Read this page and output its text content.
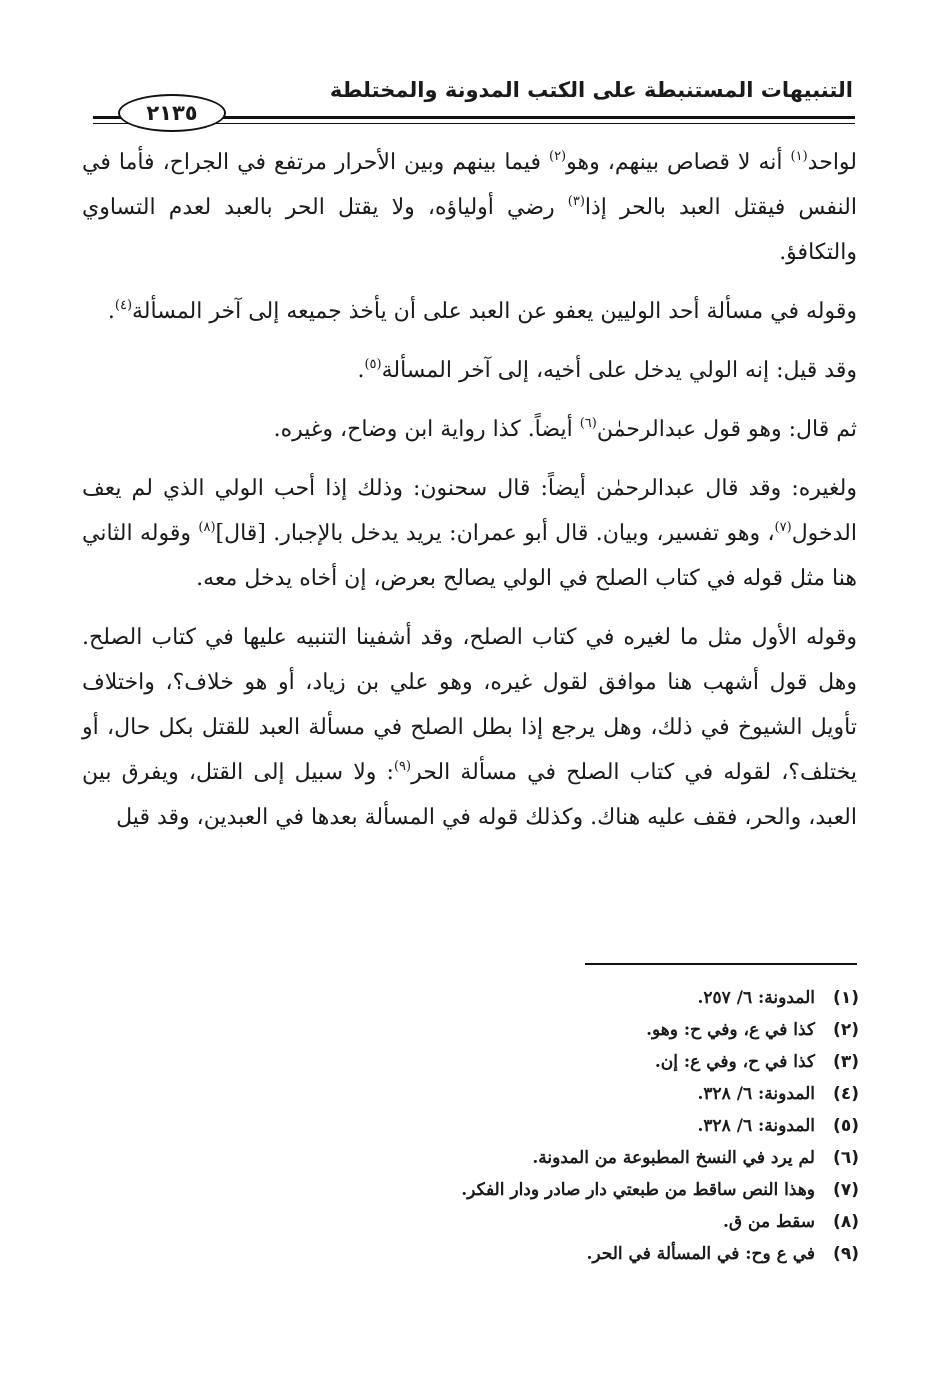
التنبيهات المستنبطة على الكتب المدونة والمختلطة
٢١٣٥

لواحد$^{(١)}$ أنه لا قصاص بينهم، وهو$^{(٢)}$ فيما بينهم وبين الأحرار مرتفع في الجراح، فأما في النفس فيقتل العبد بالحر إذا$^{(٣)}$ رضي أولياؤه، ولا يقتل الحر بالعبد لعدم التساوي والتكافؤ.

وقوله في مسألة أحد الوليين يعفو عن العبد على أن يأخذ جميعه إلى آخر المسألة$^{(٤)}$.

وقد قيل: إنه الولي يدخل على أخيه، إلى آخر المسألة$^{(٥)}$.

ثم قال: وهو قول عبدالرحمٰن$^{(٦)}$ أيضاً. كذا رواية ابن وضاح، وغيره.

ولغيره: وقد قال عبدالرحمٰن أيضاً: قال سحنون: وذلك إذا أحب الولي الذي لم يعف الدخول$^{(٧)}$، وهو تفسير، وبيان. قال أبو عمران: يريد يدخل بالإجبار. [قال]$^{(٨)}$ وقوله الثاني هنا مثل قوله في كتاب الصلح في الولي يصالح بعرض، إن أخاه يدخل معه.

وقوله الأول مثل ما لغيره في كتاب الصلح، وقد أشفينا التنبيه عليها في كتاب الصلح. وهل قول أشهب هنا موافق لقول غيره، وهو علي بن زياد، أو هو خلاف؟، واختلاف تأويل الشيوخ في ذلك، وهل يرجع إذا بطل الصلح في مسألة العبد للقتل بكل حال، أو يختلف؟، لقوله في كتاب الصلح في مسألة الحر$^{(٩)}$: ولا سبيل إلى القتل، ويفرق بين العبد، والحر، فقف عليه هناك. وكذلك قوله في المسألة بعدها في العبدين، وقد قيل

(١)المدونة: ٦/ ٢٥٧.
(٢)كذا في ع، وفي ح: وهو.
(٣)كذا في ح، وفي ع: إن.
(٤)المدونة: ٦/ ٣٢٨.
(٥)المدونة: ٦/ ٣٢٨.
(٦)لم يرد في النسخ المطبوعة من المدونة.
(٧)وهذا النص ساقط من طبعتي دار صادر ودار الفكر.
(٨)سقط من ق.
(٩)في ع وح: في المسألة في الحر.
